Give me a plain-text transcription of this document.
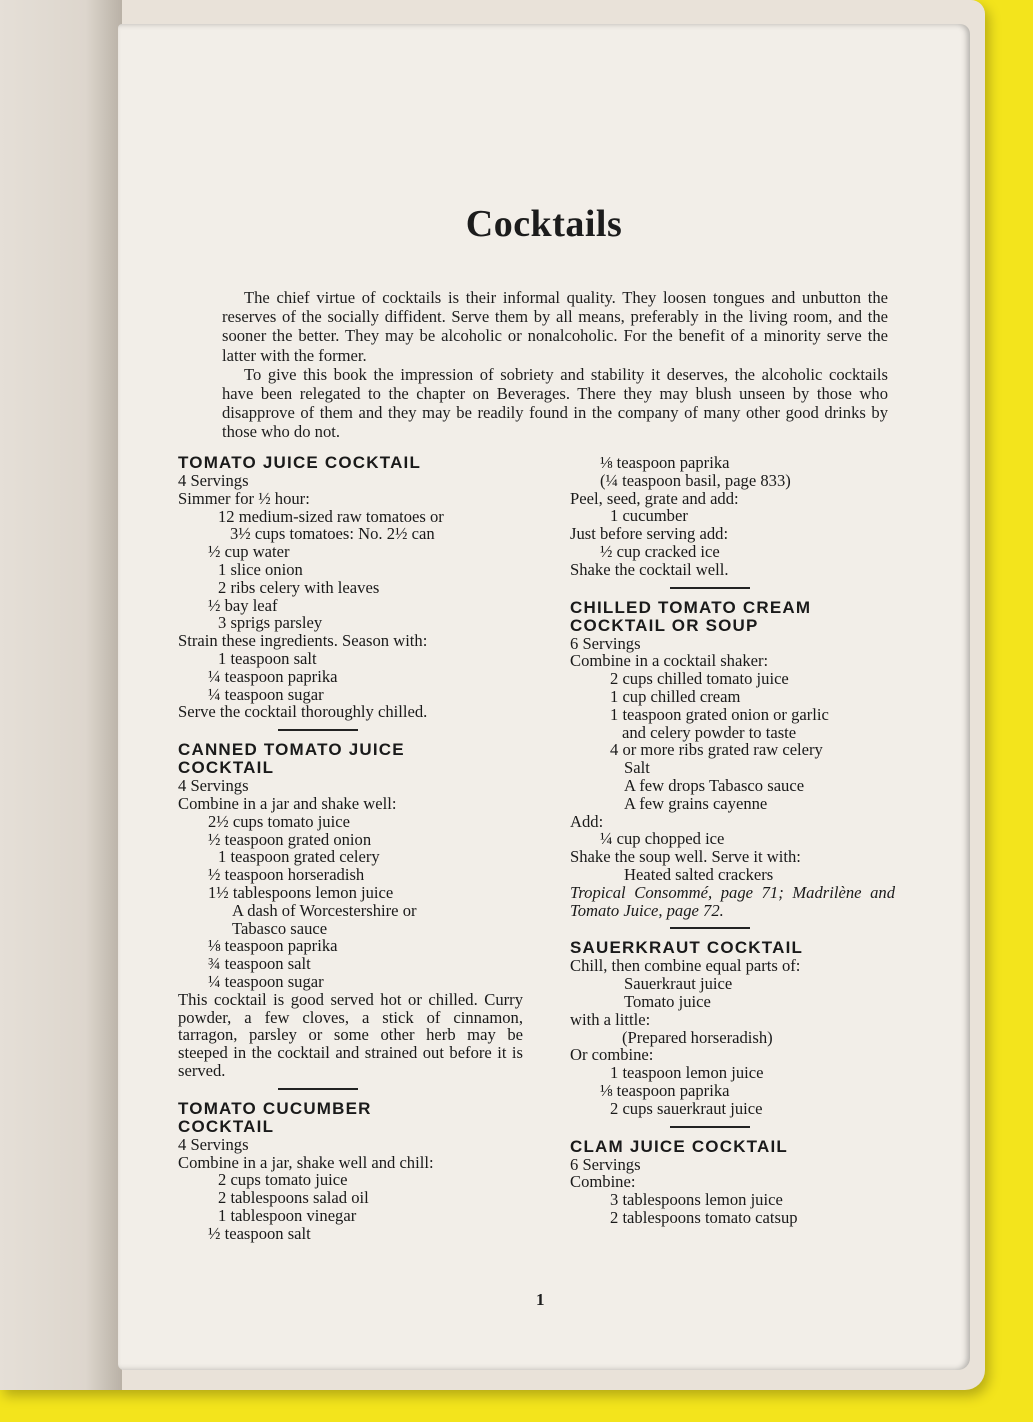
Cocktails

The chief virtue of cocktails is their informal quality. They loosen tongues and unbutton the reserves of the socially diffident. Serve them by all means, preferably in the living room, and the sooner the better. They may be alcoholic or nonalcoholic. For the benefit of a minority serve the latter with the former.

To give this book the impression of sobriety and stability it deserves, the alcoholic cocktails have been relegated to the chapter on Beverages. There they may blush unseen by those who disapprove of them and they may be readily found in the company of many other good drinks by those who do not.

TOMATO JUICE COCKTAIL
4 Servings
Simmer for ½ hour:
12 medium-sized raw tomatoes or
3½ cups tomatoes: No. 2½ can
½ cup water
1 slice onion
2 ribs celery with leaves
½ bay leaf
3 sprigs parsley
Strain these ingredients. Season with:
1 teaspoon salt
¼ teaspoon paprika
¼ teaspoon sugar
Serve the cocktail thoroughly chilled.
CANNED TOMATO JUICE
COCKTAIL
4 Servings
Combine in a jar and shake well:
2½ cups tomato juice
½ teaspoon grated onion
1 teaspoon grated celery
½ teaspoon horseradish
1½ tablespoons lemon juice
A dash of Worcestershire or
Tabasco sauce
⅛ teaspoon paprika
¾ teaspoon salt
¼ teaspoon sugar
This cocktail is good served hot or chilled. Curry powder, a few cloves, a stick of cinnamon, tarragon, parsley or some other herb may be steeped in the cocktail and strained out before it is served.
TOMATO CUCUMBER
COCKTAIL
4 Servings
Combine in a jar, shake well and chill:
2 cups tomato juice
2 tablespoons salad oil
1 tablespoon vinegar
½ teaspoon salt
⅛ teaspoon paprika
(¼ teaspoon basil, page 833)
Peel, seed, grate and add:
1 cucumber
Just before serving add:
½ cup cracked ice
Shake the cocktail well.
CHILLED TOMATO CREAM
COCKTAIL OR SOUP
6 Servings
Combine in a cocktail shaker:
2 cups chilled tomato juice
1 cup chilled cream
1 teaspoon grated onion or garlic
and celery powder to taste
4 or more ribs grated raw celery
Salt
A few drops Tabasco sauce
A few grains cayenne
Add:
¼ cup chopped ice
Shake the soup well. Serve it with:
Heated salted crackers
Tropical Consommé, page 71; Madrilène and Tomato Juice, page 72.
SAUERKRAUT COCKTAIL
Chill, then combine equal parts of:
Sauerkraut juice
Tomato juice
with a little:
(Prepared horseradish)
Or combine:
1 teaspoon lemon juice
⅛ teaspoon paprika
2 cups sauerkraut juice
CLAM JUICE COCKTAIL
6 Servings
Combine:
3 tablespoons lemon juice
2 tablespoons tomato catsup
1
